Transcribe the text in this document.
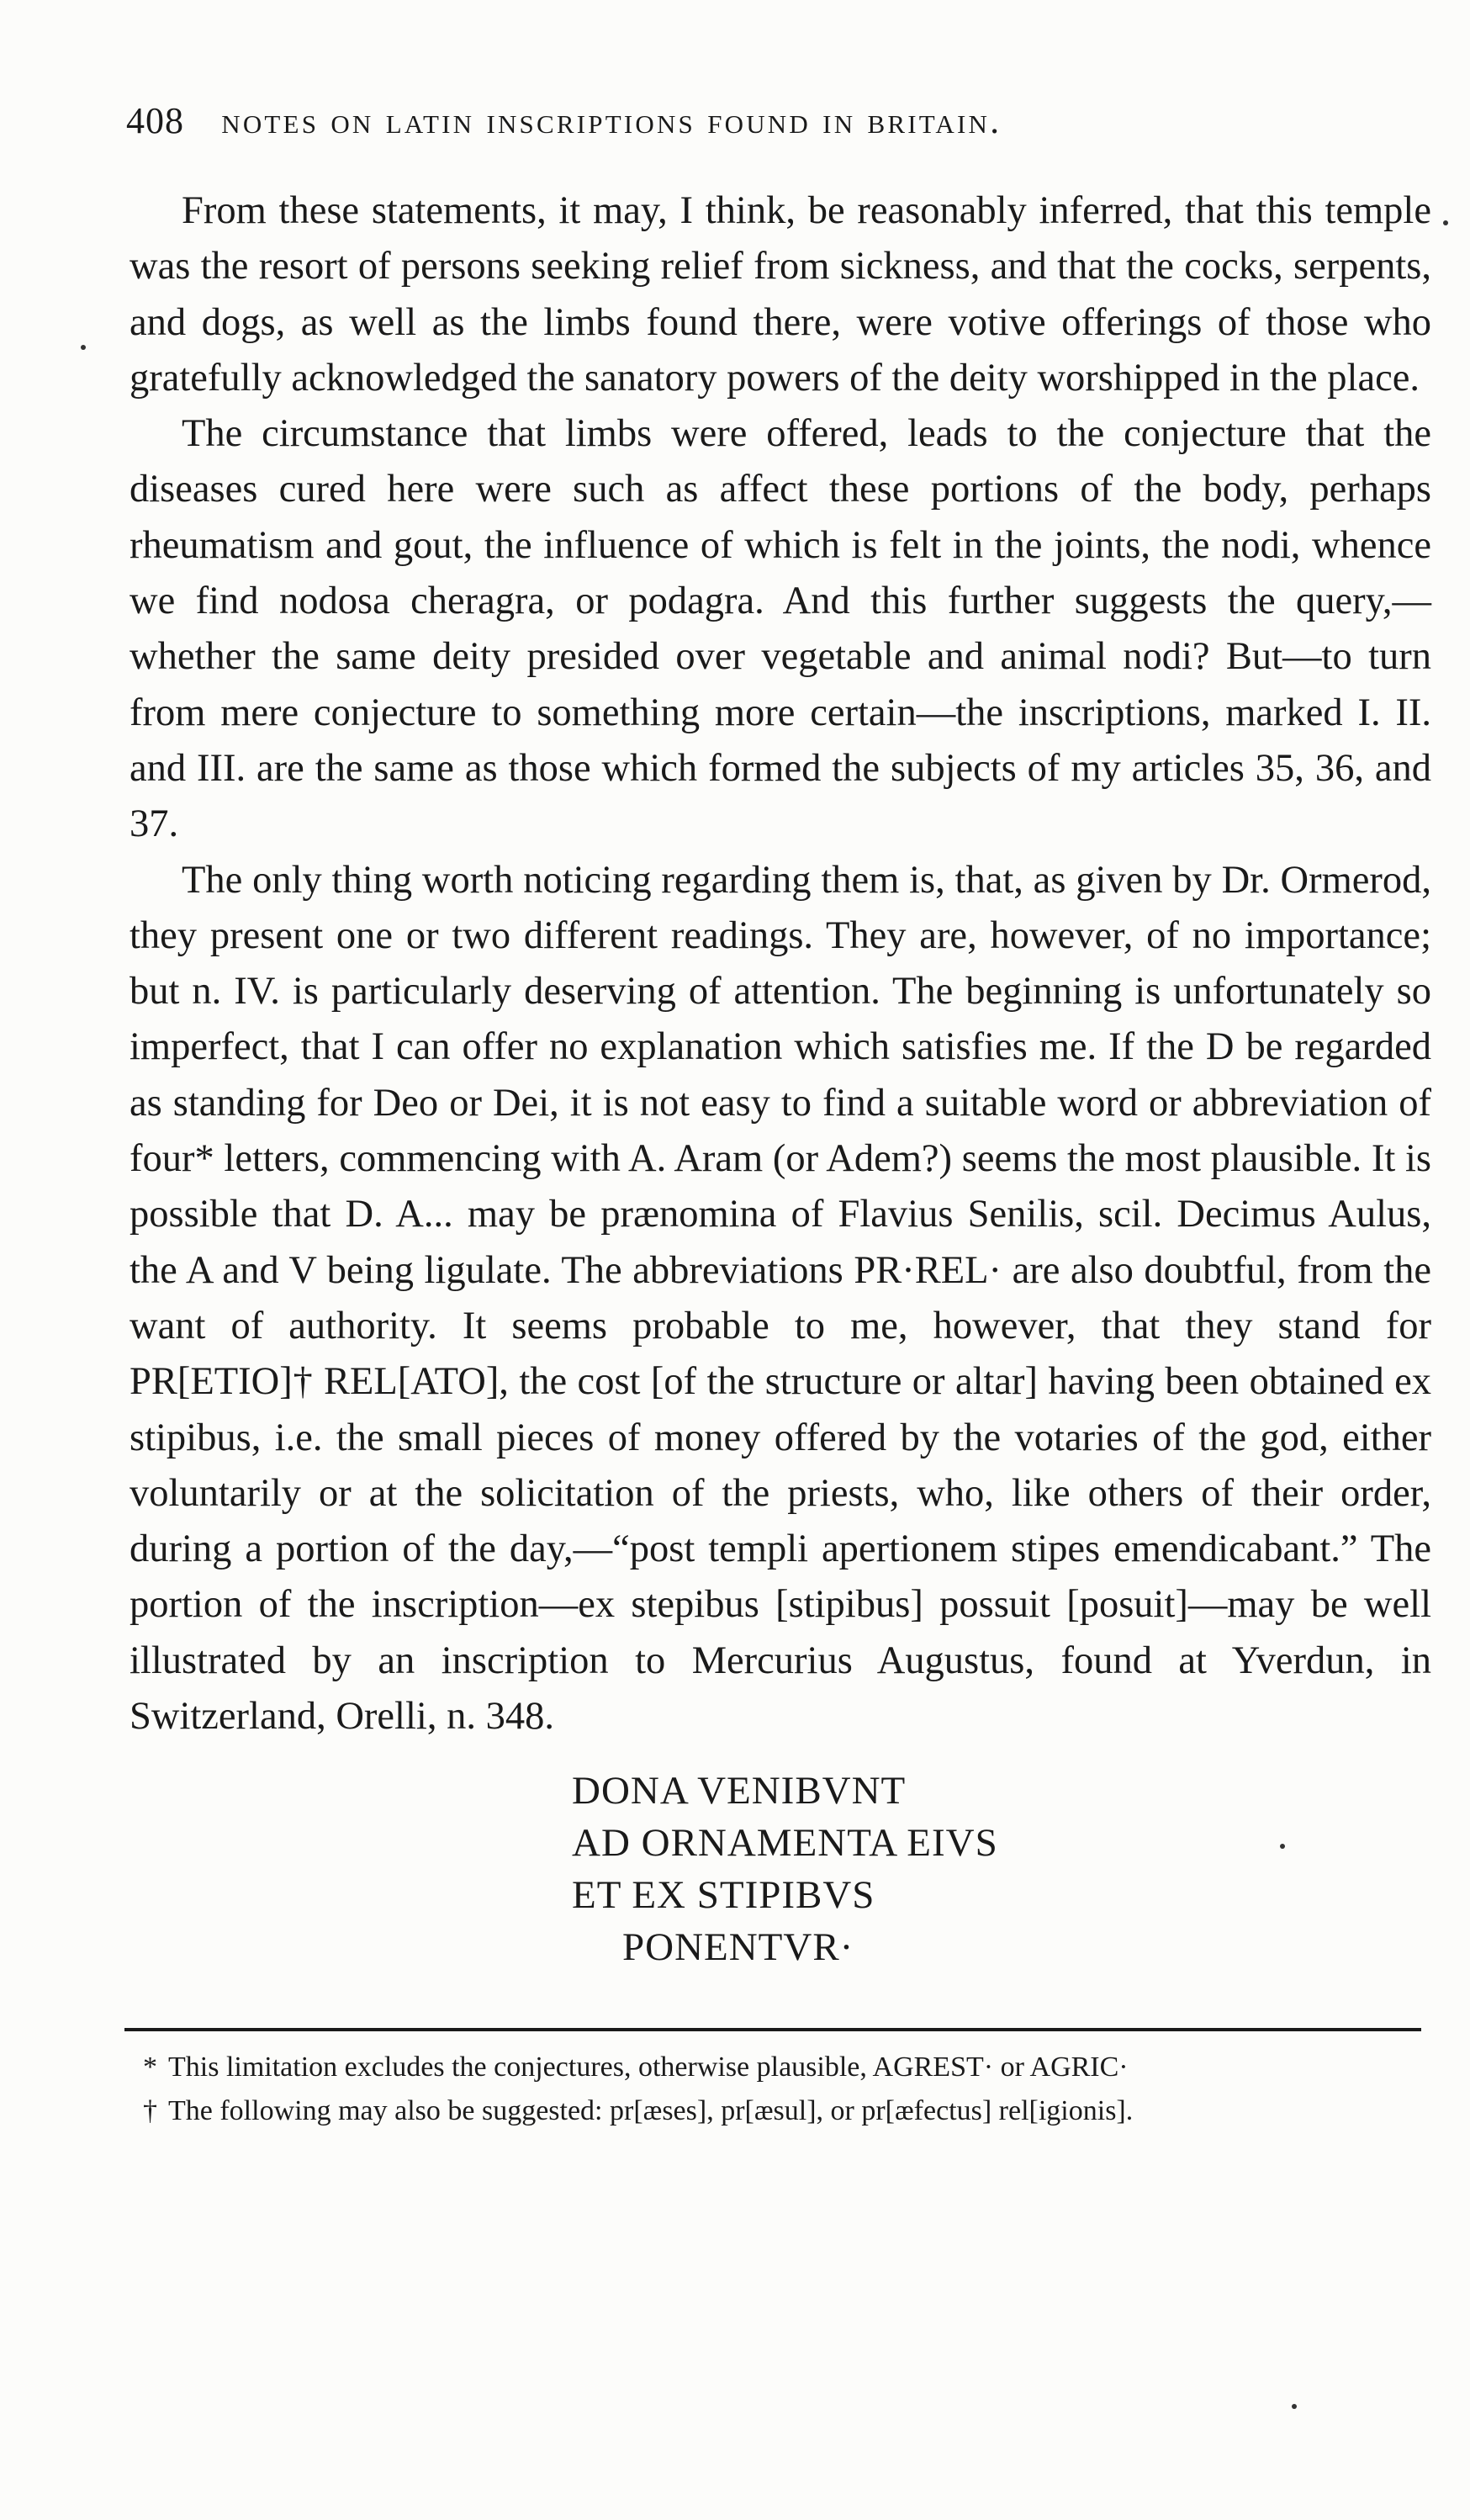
408 notes on latin inscriptions found in britain.

From these statements, it may, I think, be reasonably inferred, that this temple was the resort of persons seeking relief from sickness, and that the cocks, serpents, and dogs, as well as the limbs found there, were votive offerings of those who gratefully acknowledged the sanatory powers of the deity worshipped in the place.

The circumstance that limbs were offered, leads to the conjecture that the diseases cured here were such as affect these portions of the body, perhaps rheumatism and gout, the influence of which is felt in the joints, the nodi, whence we find nodosa cheragra, or podagra. And this further suggests the query,—whether the same deity presided over vegetable and animal nodi? But—to turn from mere conjecture to something more certain—the inscriptions, marked I. II. and III. are the same as those which formed the subjects of my articles 35, 36, and 37.

The only thing worth noticing regarding them is, that, as given by Dr. Ormerod, they present one or two different readings. They are, however, of no importance; but n. IV. is particularly deserving of attention. The beginning is unfortunately so imperfect, that I can offer no explanation which satisfies me. If the D be regarded as standing for Deo or Dei, it is not easy to find a suitable word or abbreviation of four* letters, commencing with A. Aram (or Adem?) seems the most plausible. It is possible that D. A... may be prænomina of Flavius Senilis, scil. Decimus Aulus, the A and V being ligulate. The abbreviations PR·REL· are also doubtful, from the want of authority. It seems probable to me, however, that they stand for PR[ETIO]† REL[ATO], the cost [of the structure or altar] having been obtained ex stipibus, i.e. the small pieces of money offered by the votaries of the god, either voluntarily or at the solicitation of the priests, who, like others of their order, during a portion of the day,—“post templi apertionem stipes emendicabant.” The portion of the inscription—ex stepibus [stipibus] possuit [posuit]—may be well illustrated by an inscription to Mercurius Augustus, found at Yverdun, in Switzerland, Orelli, n. 348.

DONA VENIBVNT
AD ORNAMENTA EIVS
ET EX STIPIBVS
PONENTVR·

* This limitation excludes the conjectures, otherwise plausible, AGREST· or AGRIC·

† The following may also be suggested: pr[æses], pr[æsul], or pr[æfectus] rel[igionis].
